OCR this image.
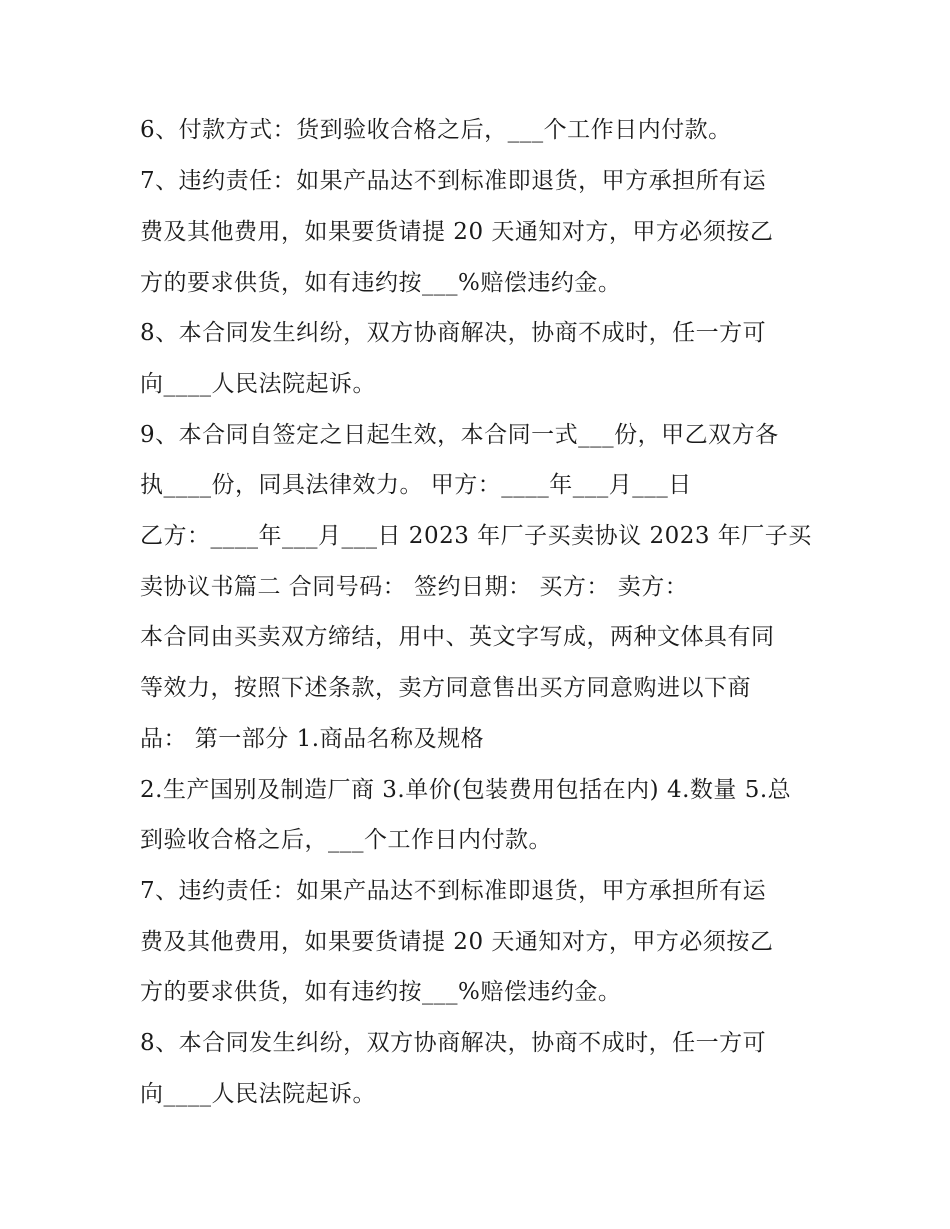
6、付款方式：货到验收合格之后，___个工作日内付款。
7、违约责任：如果产品达不到标准即退货，甲方承担所有运
费及其他费用，如果要货请提 20 天通知对方，甲方必须按乙
方的要求供货，如有违约按___%赔偿违约金。
8、本合同发生纠纷，双方协商解决，协商不成时，任一方可
向____人民法院起诉。
9、本合同自签定之日起生效，本合同一式___份，甲乙双方各
执____份，同具法律效力。 甲方：____年___月___日
乙方：____年___月___日 2023 年厂子买卖协议 2023 年厂子买
卖协议书篇二 合同号码： 签约日期： 买方： 卖方：
本合同由买卖双方缔结，用中、英文字写成，两种文体具有同
等效力，按照下述条款，卖方同意售出买方同意购进以下商
品： 第一部分 1.商品名称及规格
2.生产国别及制造厂商 3.单价(包装费用包括在内) 4.数量 5.总
到验收合格之后，___个工作日内付款。
7、违约责任：如果产品达不到标准即退货，甲方承担所有运
费及其他费用，如果要货请提 20 天通知对方，甲方必须按乙
方的要求供货，如有违约按___%赔偿违约金。
8、本合同发生纠纷，双方协商解决，协商不成时，任一方可
向____人民法院起诉。
